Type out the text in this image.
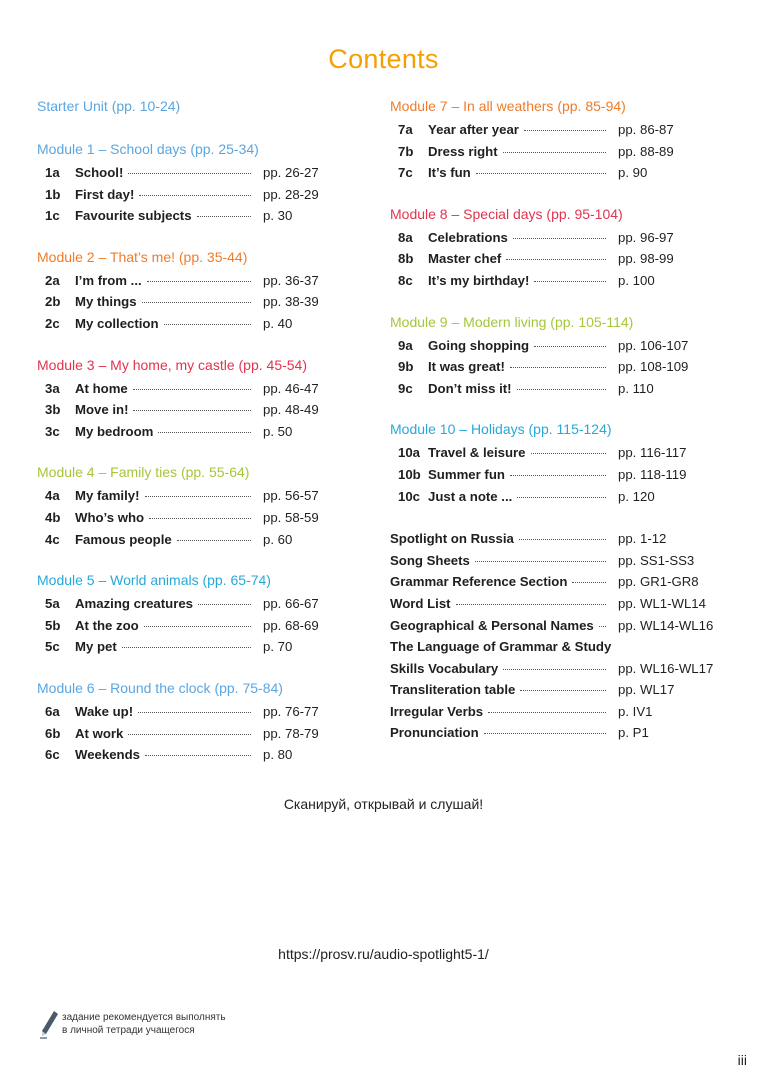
Contents
Starter Unit (pp. 10-24)
Module 1 – School days (pp. 25-34)
1a School!	pp. 26-27
1b First day!	pp. 28-29
1c Favourite subjects	p. 30
Module 2 – That’s me! (pp. 35-44)
2a I’m from ...	pp. 36-37
2b My things	pp. 38-39
2c My collection	p. 40
Module 3 – My home, my castle (pp. 45-54)
3a At home	pp. 46-47
3b Move in!	pp. 48-49
3c My bedroom	p. 50
Module 4 – Family ties (pp. 55-64)
4a My family!	pp. 56-57
4b Who’s who	pp. 58-59
4c Famous people	p. 60
Module 5 – World animals (pp. 65-74)
5a Amazing creatures	pp. 66-67
5b At the zoo	pp. 68-69
5c My pet	p. 70
Module 6 – Round the clock (pp. 75-84)
6a Wake up!	pp. 76-77
6b At work	pp. 78-79
6c Weekends	p. 80
Module 7 – In all weathers (pp. 85-94)
7a Year after year	pp. 86-87
7b Dress right	pp. 88-89
7c It’s fun	p. 90
Module 8 – Special days (pp. 95-104)
8a Celebrations	pp. 96-97
8b Master chef	pp. 98-99
8c It’s my birthday!	p. 100
Module 9 – Modern living (pp. 105-114)
9a Going shopping	pp. 106-107
9b It was great!	pp. 108-109
9c Don’t miss it!	p. 110
Module 10 – Holidays (pp. 115-124)
10a Travel & leisure	pp. 116-117
10b Summer fun	pp. 118-119
10c Just a note ...	p. 120
Spotlight on Russia	pp. 1-12
Song Sheets	pp. SS1-SS3
Grammar Reference Section	pp. GR1-GR8
Word List	pp. WL1-WL14
Geographical & Personal Names pp. WL14-WL16
The Language of Grammar & Study
Skills Vocabulary	pp. WL16-WL17
Transliteration table	pp. WL17
Irregular Verbs	p. IV1
Pronunciation	p. P1
Сканируй, открывай и слушай!
https://prosv.ru/audio-spotlight5-1/
задание рекомендуется выполнять
в личной тетради учащегося
iii
